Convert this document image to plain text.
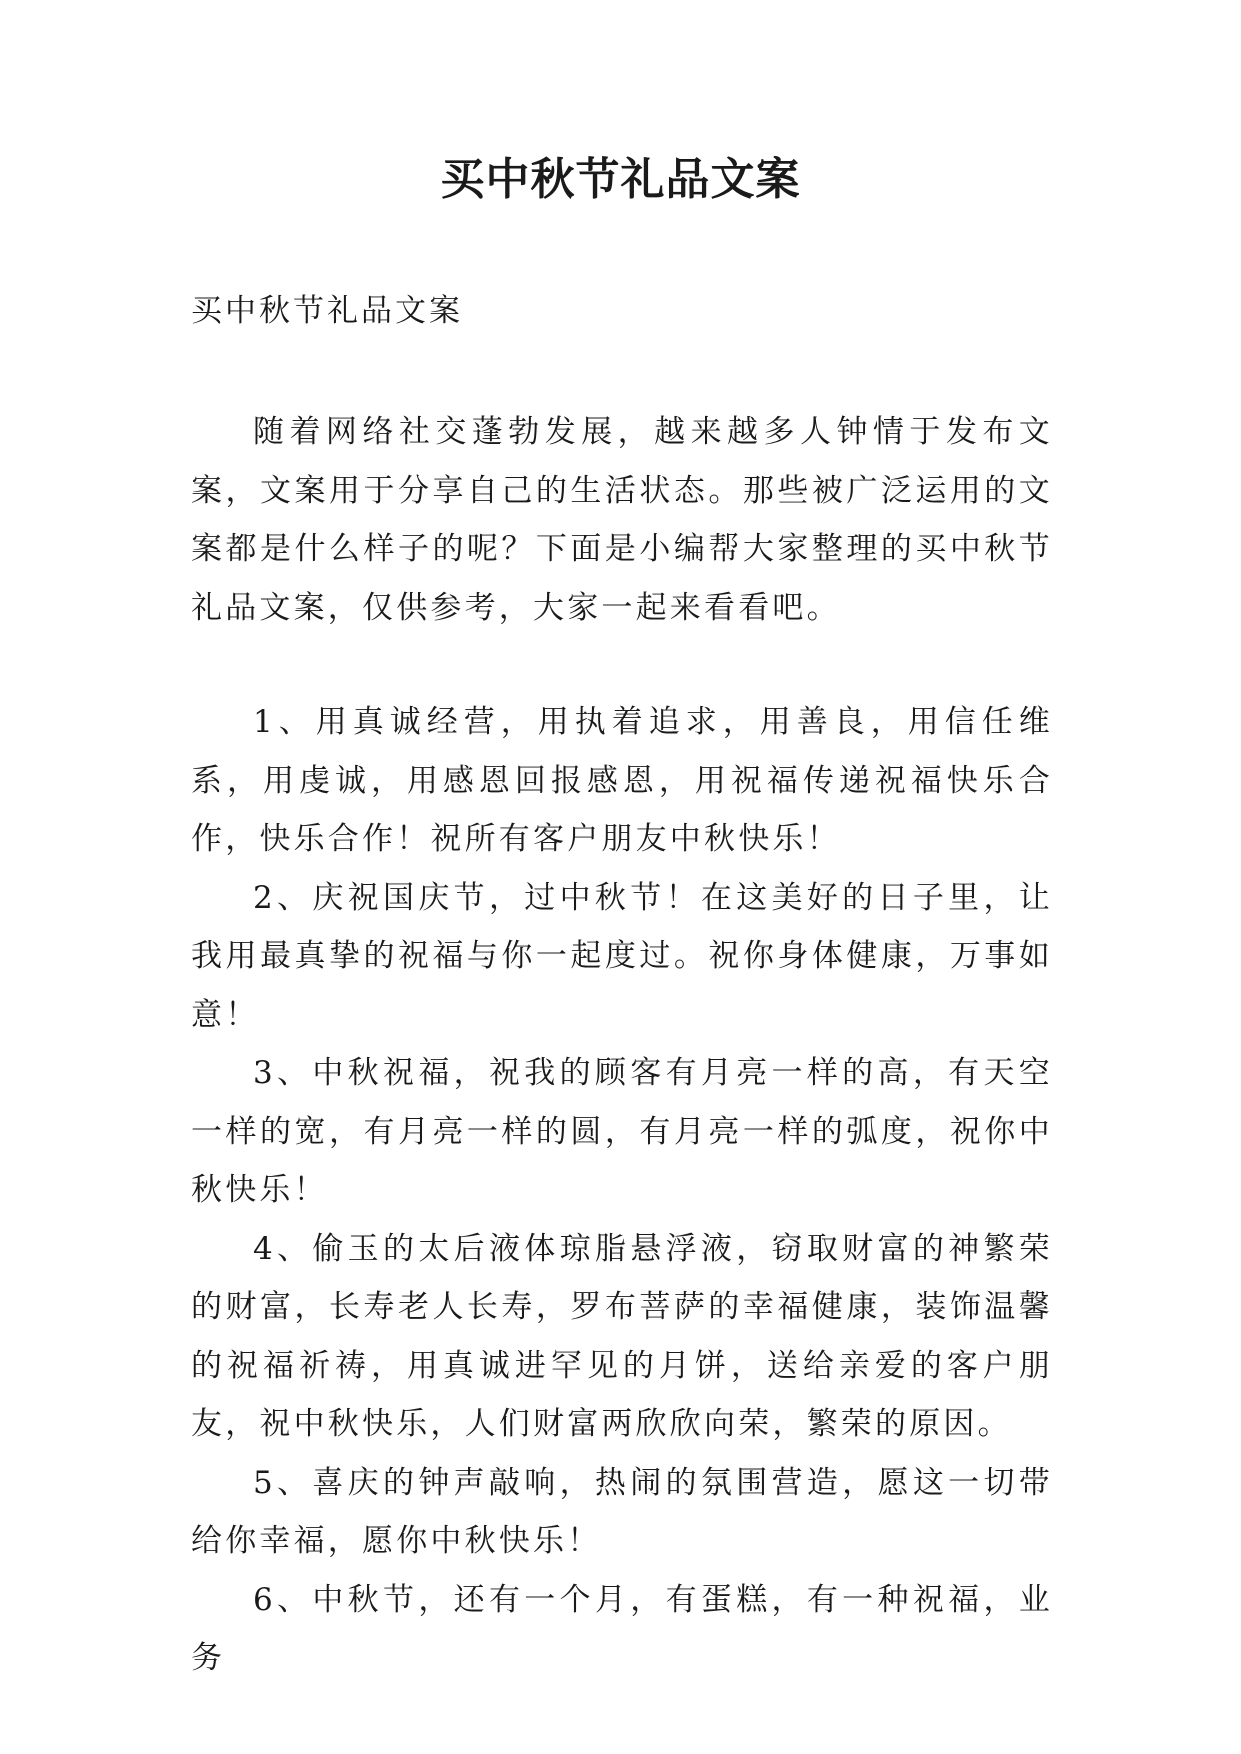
买中秋节礼品文案

买中秋节礼品文案

随着网络社交蓬勃发展，越来越多人钟情于发布文案，文案用于分享自己的生活状态。那些被广泛运用的文案都是什么样子的呢？下面是小编帮大家整理的买中秋节礼品文案，仅供参考，大家一起来看看吧。

1、用真诚经营，用执着追求，用善良，用信任维系，用虔诚，用感恩回报感恩，用祝福传递祝福快乐合作，快乐合作！祝所有客户朋友中秋快乐！

2、庆祝国庆节，过中秋节！在这美好的日子里，让我用最真挚的祝福与你一起度过。祝你身体健康，万事如意！

3、中秋祝福，祝我的顾客有月亮一样的高，有天空一样的宽，有月亮一样的圆，有月亮一样的弧度，祝你中秋快乐！

4、偷玉的太后液体琼脂悬浮液，窃取财富的神繁荣的财富，长寿老人长寿，罗布菩萨的幸福健康，装饰温馨的祝福祈祷，用真诚进罕见的月饼，送给亲爱的客户朋友，祝中秋快乐，人们财富两欣欣向荣，繁荣的原因。

5、喜庆的钟声敲响，热闹的氛围营造，愿这一切带给你幸福，愿你中秋快乐！

6、中秋节，还有一个月，有蛋糕，有一种祝福，业务
